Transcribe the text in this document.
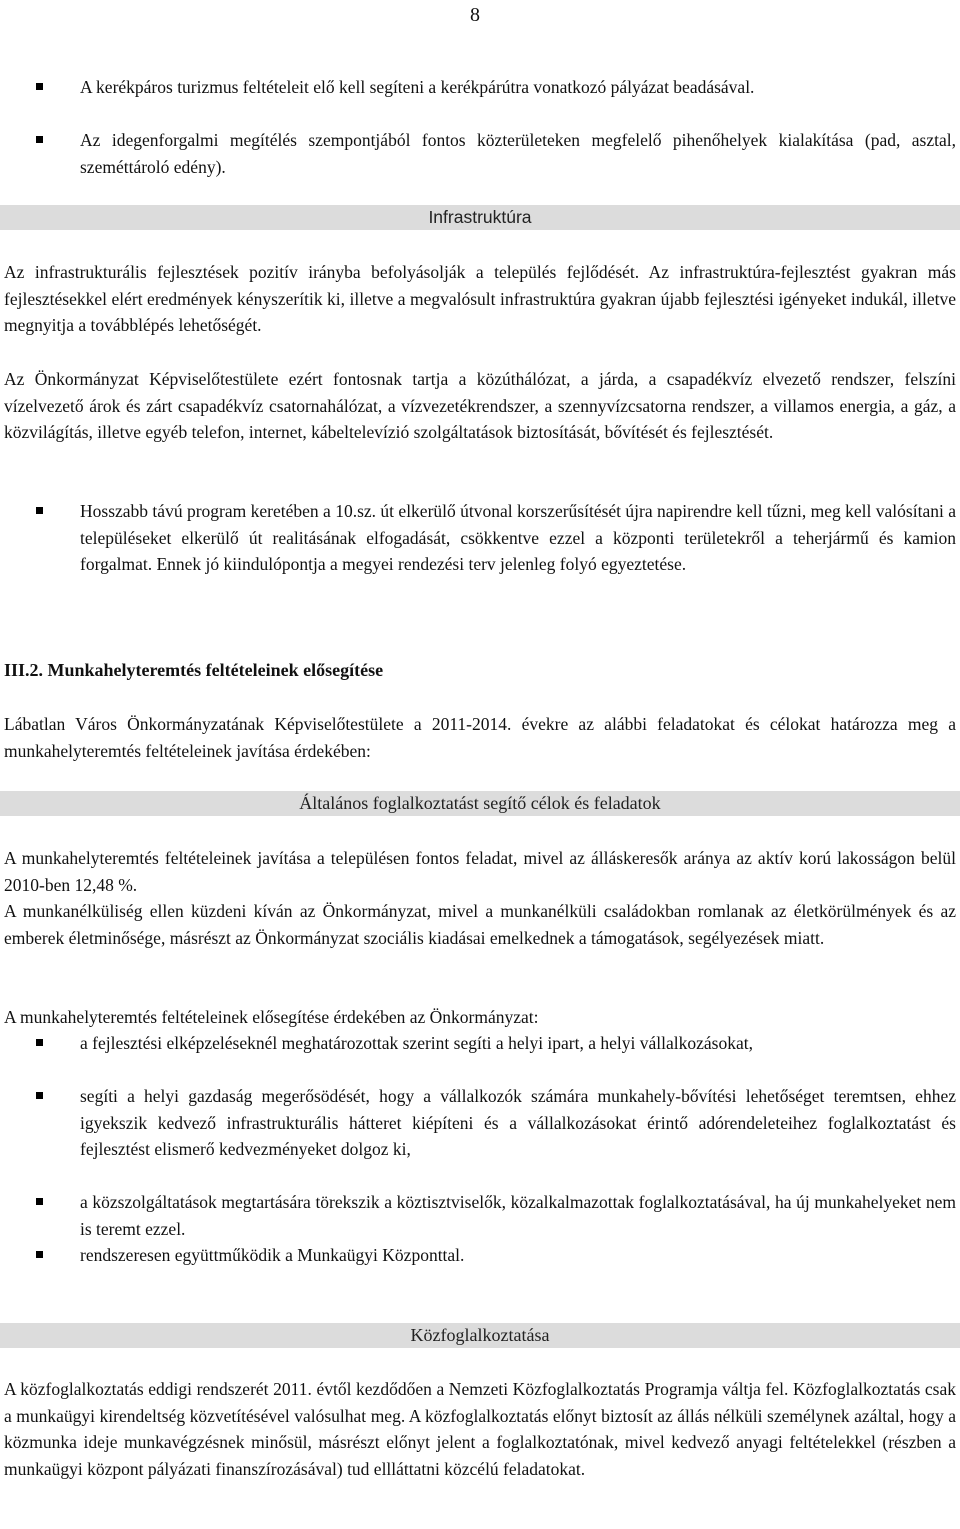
8
A kerékpáros turizmus feltételeit elő kell segíteni a kerékpárútra vonatkozó pályázat beadásával.
Az idegenforgalmi megítélés szempontjából fontos közterületeken megfelelő pihenőhelyek kialakítása (pad, asztal, szeméttároló edény).
Infrastruktúra
Az infrastrukturális fejlesztések pozitív irányba befolyásolják a település fejlődését. Az infrastruktúra-fejlesztést gyakran más fejlesztésekkel elért eredmények kényszerítik ki, illetve a megvalósult infrastruktúra gyakran újabb fejlesztési igényeket indukál, illetve megnyitja a továbblépés lehetőségét.
Az Önkormányzat Képviselőtestülete ezért fontosnak tartja a közúthálózat, a járda, a csapadékvíz elvezető rendszer, felszíni vízelvezető árok és zárt csapadékvíz csatornahálózat, a vízvezetékrendszer, a szennyvízcsatorna rendszer, a villamos energia, a gáz, a közvilágítás, illetve egyéb telefon, internet, kábeltelevízió szolgáltatások biztosítását, bővítését és fejlesztését.
Hosszabb távú program keretében a 10.sz. út elkerülő útvonal korszerűsítését újra napirendre kell tűzni, meg kell valósítani a településeket elkerülő út realitásának elfogadását, csökkentve ezzel a központi területekről a teherjármű és kamion forgalmat. Ennek jó kiindulópontja a megyei rendezési terv jelenleg folyó egyeztetése.
III.2. Munkahelyteremtés feltételeinek elősegítése
Lábatlan Város Önkormányzatának Képviselőtestülete a 2011-2014. évekre az alábbi feladatokat és célokat határozza meg a munkahelyteremtés feltételeinek javítása érdekében:
Általános foglalkoztatást segítő célok és feladatok
A munkahelyteremtés feltételeinek javítása a településen fontos feladat, mivel az álláskeresők aránya az aktív korú lakosságon belül 2010-ben 12,48 %.
A munkanélküliség ellen küzdeni kíván az Önkormányzat, mivel a munkanélküli családokban romlanak az életkörülmények és az emberek életminősége, másrészt az Önkormányzat szociális kiadásai emelkednek a támogatások, segélyezések miatt.
A munkahelyteremtés feltételeinek elősegítése érdekében az Önkormányzat:
a fejlesztési elképzeléseknél meghatározottak szerint segíti a helyi ipart, a helyi vállalkozásokat,
segíti a helyi gazdaság megerősödését, hogy a vállalkozók számára munkahely-bővítési lehetőséget teremtsen, ehhez igyekszik kedvező infrastrukturális hátteret kiépíteni és a vállalkozásokat érintő adórendeleteihez foglalkoztatást és fejlesztést elismerő kedvezményeket dolgoz ki,
a közszolgáltatások megtartására törekszik a köztisztviselők, közalkalmazottak foglalkoztatásával, ha új munkahelyeket nem is teremt ezzel.
rendszeresen együttműködik a Munkaügyi Központtal.
Közfoglalkoztatása
A közfoglalkoztatás eddigi rendszerét 2011. évtől kezdődően a Nemzeti Közfoglalkoztatás Programja váltja fel. Közfoglalkoztatás csak a munkaügyi kirendeltség közvetítésével valósulhat meg. A közfoglalkoztatás előnyt biztosít az állás nélküli személynek azáltal, hogy a közmunka ideje munkavégzésnek minősül, másrészt előnyt jelent a foglalkoztatónak, mivel kedvező anyagi feltételekkel (részben a munkaügyi központ pályázati finanszírozásával) tud ellláttatni közcélú feladatokat.
